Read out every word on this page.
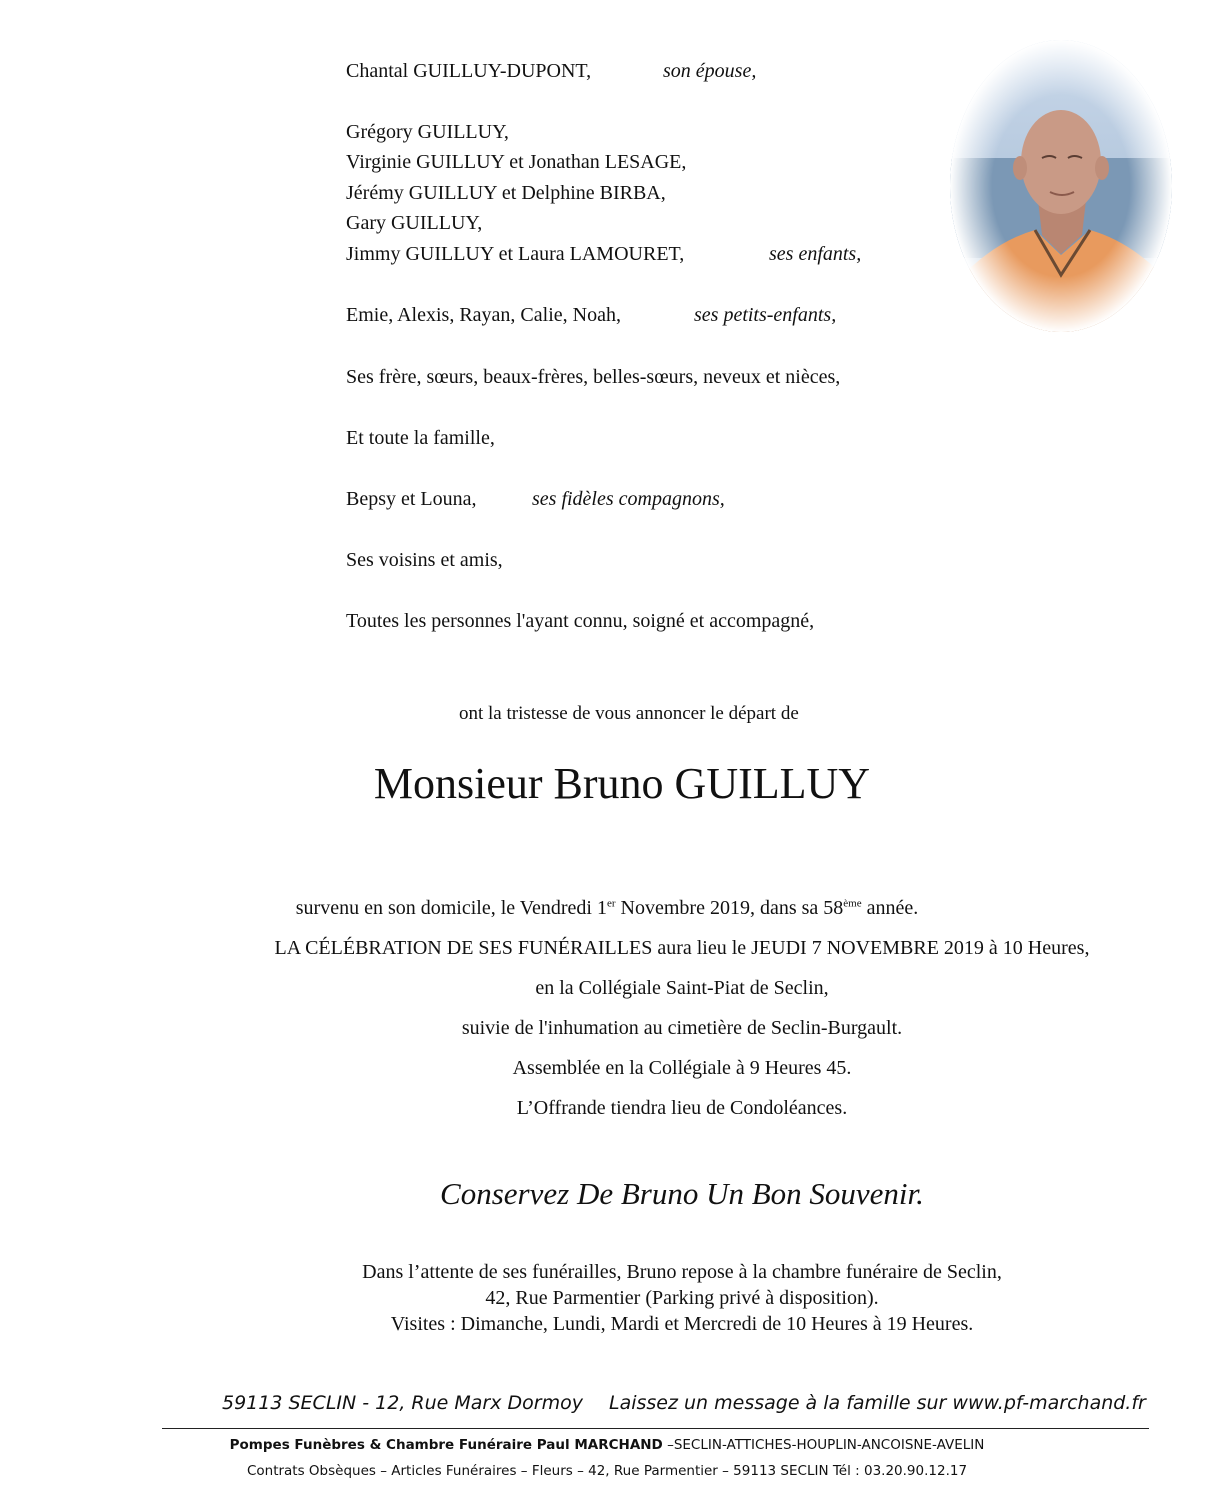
Chantal GUILLUY-DUPONT,	son épouse,
Grégory GUILLUY,
Virginie GUILLUY et Jonathan LESAGE,
Jérémy GUILLUY et Delphine BIRBA,
Gary GUILLUY,
Jimmy GUILLUY et Laura LAMOURET,	ses enfants,
Emie, Alexis, Rayan, Calie, Noah,	ses petits-enfants,
Ses frère, sœurs, beaux-frères, belles-sœurs, neveux et nièces,
Et toute la famille,
Bepsy et Louna,	ses fidèles compagnons,
Ses voisins et amis,
Toutes les personnes l'ayant connu, soigné et accompagné,
ont la tristesse de vous annoncer le départ de
Monsieur Bruno GUILLUY
survenu en son domicile, le Vendredi 1er Novembre 2019, dans sa 58ème année.
LA CÉLÉBRATION DE SES FUNÉRAILLES aura lieu le JEUDI 7 NOVEMBRE 2019 à 10 Heures,
en la Collégiale Saint-Piat de Seclin,
suivie de l'inhumation au cimetière de Seclin-Burgault.
Assemblée en la Collégiale à 9 Heures 45.
L’Offrande tiendra lieu de Condoléances.
Conservez De Bruno Un Bon Souvenir.
Dans l’attente de ses funérailles, Bruno repose à la chambre funéraire de Seclin,
42, Rue Parmentier (Parking privé à disposition).
Visites : Dimanche, Lundi, Mardi et Mercredi de 10 Heures à 19 Heures.
59113 SECLIN - 12, Rue Marx Dormoy Laissez un message à la famille sur www.pf-marchand.fr
Pompes Funèbres & Chambre Funéraire Paul MARCHAND –SECLIN-ATTICHES-HOUPLIN-ANCOISNE-AVELIN
Contrats Obsèques – Articles Funéraires – Fleurs – 42, Rue Parmentier – 59113 SECLIN Tél : 03.20.90.12.17
